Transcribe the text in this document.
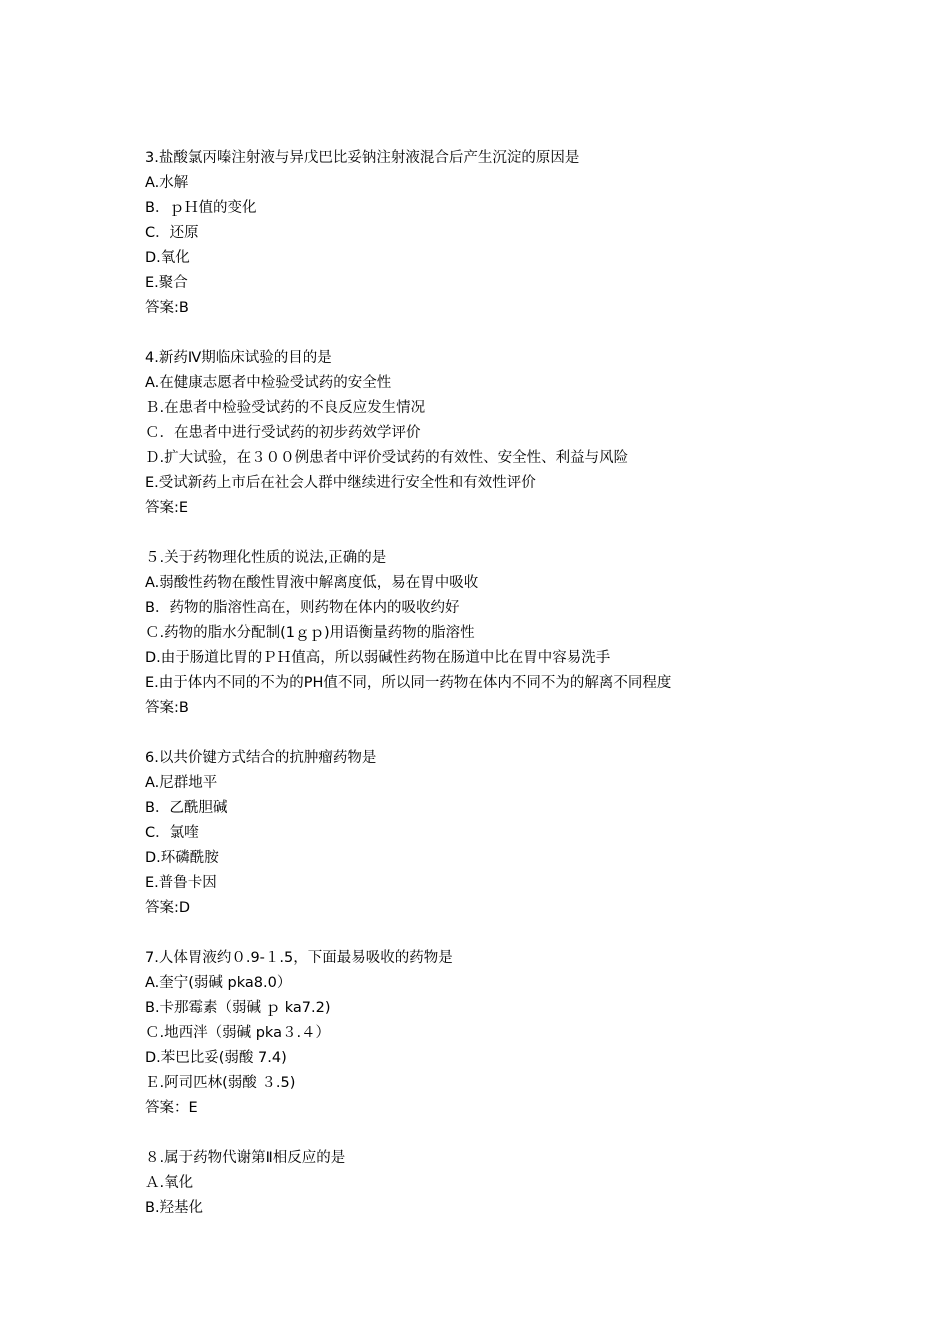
3.盐酸氯丙嗪注射液与异戊巴比妥钠注射液混合后产生沉淀的原因是
A.水解
B．ｐＨ值的变化
C．还原
D.氧化
E.聚合
答案:B
4.新药Ⅳ期临床试验的目的是
A.在健康志愿者中检验受试药的安全性
Ｂ.在患者中检验受试药的不良反应发生情况
Ｃ．在患者中进行受试药的初步药效学评价
Ｄ.扩大试验，在３００例患者中评价受试药的有效性、安全性、利益与风险
E.受试新药上市后在社会人群中继续进行安全性和有效性评价
答案:E
５.关于药物理化性质的说法,正确的是
A.弱酸性药物在酸性胃液中解离度低，易在胃中吸收
B．药物的脂溶性高在，则药物在体内的吸收约好
Ｃ.药物的脂水分配制(1ｇｐ)用语衡量药物的脂溶性
D.由于肠道比胃的ＰＨ值高，所以弱碱性药物在肠道中比在胃中容易洗手
E.由于体内不同的不为的PH值不同，所以同一药物在体内不同不为的解离不同程度
答案:B
6.以共价键方式结合的抗肿瘤药物是
A.尼群地平
B．乙酰胆碱
C．氯喹
D.环磷酰胺
E.普鲁卡因
答案:D
7.人体胃液约０.9-１.5，下面最易吸收的药物是
A.奎宁(弱碱 pka8.0）
B.卡那霉素（弱碱 ｐ ka7.2)
Ｃ.地西泮（弱碱 pka３.４）
D.苯巴比妥(弱酸 7.4)
Ｅ.阿司匹林(弱酸 ３.5)
答案：E
８.属于药物代谢第Ⅱ相反应的是
Ａ.氧化
B.羟基化
